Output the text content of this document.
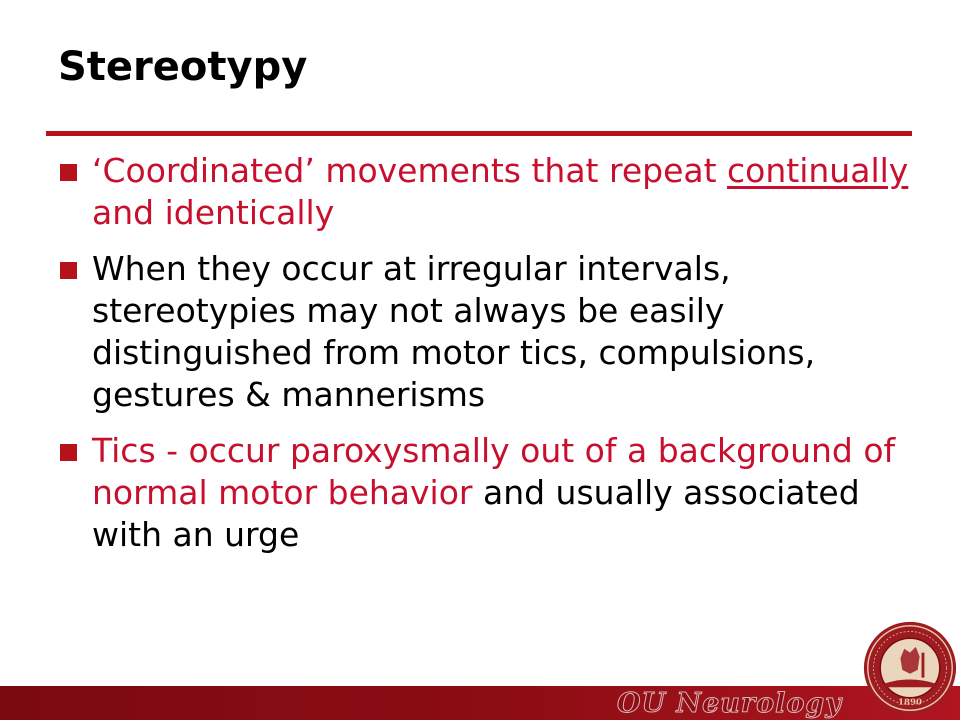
Stereotypy
‘Coordinated’ movements that repeat continually and identically
When they occur at irregular intervals, stereotypies may not always be easily distinguished from motor tics, compulsions, gestures & mannerisms
Tics - occur paroxysmally out of a background of normal motor behavior and usually associated with an urge
OU Neurology	1890
